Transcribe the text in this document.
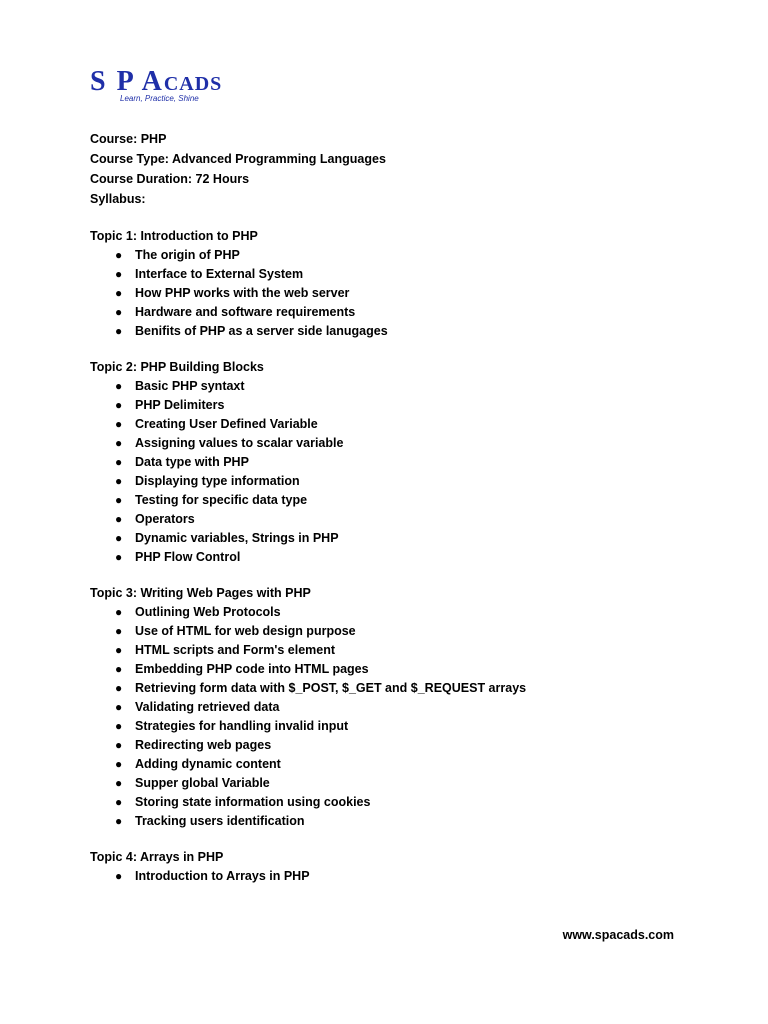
S P ACADS
Learn, Practice, Shine
Course: PHP
Course Type: Advanced Programming Languages
Course Duration: 72 Hours
Syllabus:
Topic 1: Introduction to PHP
● The origin of PHP
● Interface to External System
● How PHP works with the web server
● Hardware and software requirements
● Benifits of PHP as a server side lanugages
Topic 2: PHP Building Blocks
● Basic PHP syntaxt
● PHP Delimiters
● Creating User Defined Variable
● Assigning values to scalar variable
● Data type with PHP
● Displaying type information
● Testing for specific data type
● Operators
● Dynamic variables, Strings in PHP
● PHP Flow Control
Topic 3: Writing Web Pages with PHP
● Outlining Web Protocols
● Use of HTML for web design purpose
● HTML scripts and Form's element
● Embedding PHP code into HTML pages
● Retrieving form data with $_POST, $_GET and $_REQUEST arrays
● Validating retrieved data
● Strategies for handling invalid input
● Redirecting web pages
● Adding dynamic content
● Supper global Variable
● Storing state information using cookies
● Tracking users identification
Topic 4: Arrays in PHP
● Introduction to Arrays in PHP
www.spacads.com
